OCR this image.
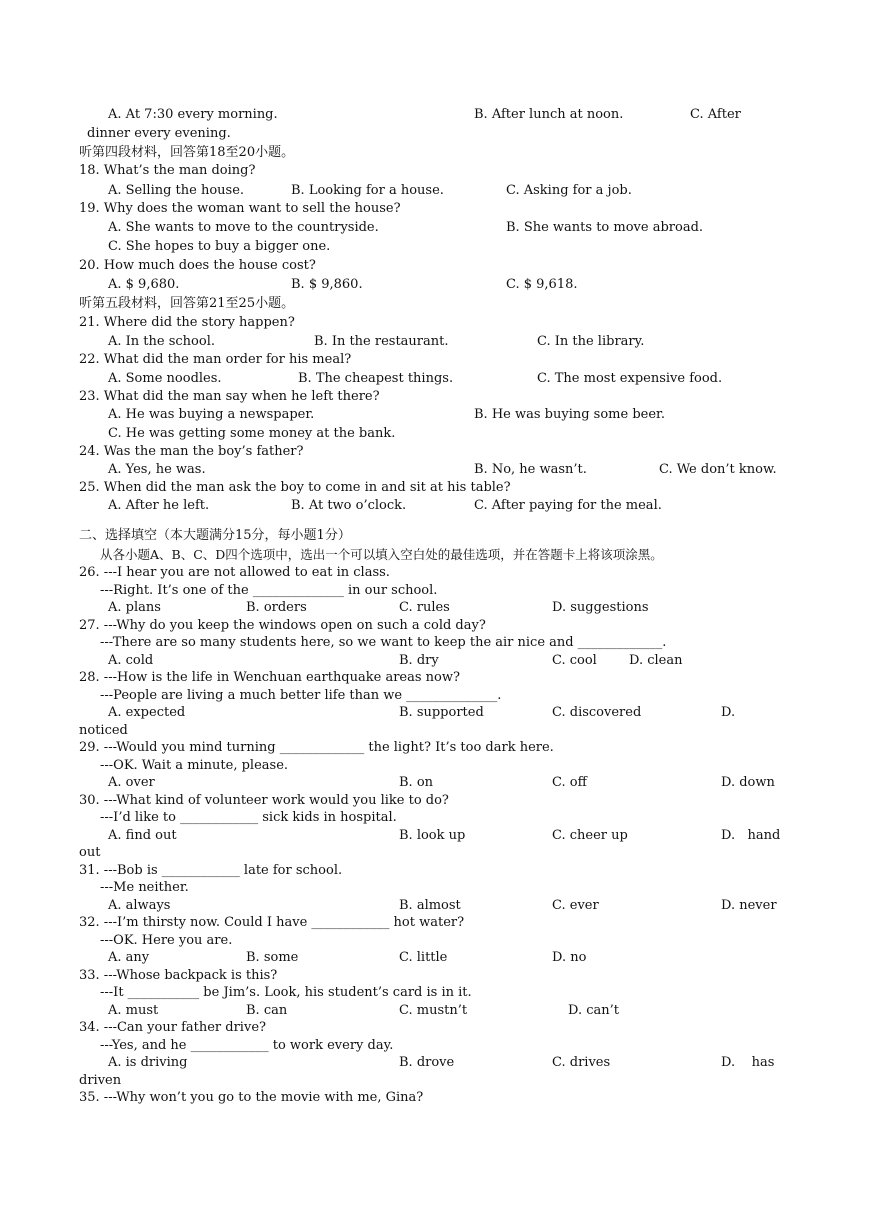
A. At 7:30 every morning.	B. After lunch at noon.	C. After
dinner every evening.
听第四段材料，回答第18至20小题。
18. What’s the man doing?
A. Selling the house.	B. Looking for a house.	C. Asking for a job.
19. Why does the woman want to sell the house?
A. She wants to move to the countryside.	B. She wants to move abroad.
C. She hopes to buy a bigger one.
20. How much does the house cost?
A. $ 9,680.	B. $ 9,860.	C. $ 9,618.
听第五段材料，回答第21至25小题。
21. Where did the story happen?
A. In the school.	B. In the restaurant.	C. In the library.
22. What did the man order for his meal?
A. Some noodles.	B. The cheapest things.	C. The most expensive food.
23. What did the man say when he left there?
A. He was buying a newspaper.	B. He was buying some beer.
C. He was getting some money at the bank.
24. Was the man the boy’s father?
A. Yes, he was.	B. No, he wasn’t.	C. We don’t know.
25. When did the man ask the boy to come in and sit at his table?
A. After he left.	B. At two o’clock.	C. After paying for the meal.
二、选择填空（本大题满分15分，每小题1分）
从各小题A、B、C、D四个选项中，选出一个可以填入空白处的最佳选项，并在答题卡上将该项涂黑。
26. ---I hear you are not allowed to eat in class.
---Right. It’s one of the ______________ in our school.
A. plans	B. orders	C. rules	D. suggestions
27. ---Why do you keep the windows open on such a cold day?
---There are so many students here, so we want to keep the air nice and _____________.
A. cold	B. dry	C. cool D. clean
28. ---How is the life in Wenchuan earthquake areas now?
---People are living a much better life than we ______________.
A. expected	B. supported	C. discovered	D.
noticed
29. ---Would you mind turning _____________ the light? It’s too dark here.
---OK. Wait a minute, please.
A. over	B. on	C. off	D. down
30. ---What kind of volunteer work would you like to do?
---I’d like to ____________ sick kids in hospital.
A. find out	B. look up	C. cheer up	D.   hand
out
31. ---Bob is ____________ late for school.
---Me neither.
A. always	B. almost	C. ever	D. never
32. ---I’m thirsty now. Could I have ____________ hot water?
---OK. Here you are.
A. any	B. some	C. little	D. no
33. ---Whose backpack is this?
---It ___________ be Jim’s. Look, his student’s card is in it.
A. must	B. can	C. mustn’t	D. can’t
34. ---Can your father drive?
---Yes, and he ____________ to work every day.
A. is driving	B. drove	C. drives	D.    has
driven
35. ---Why won’t you go to the movie with me, Gina?
